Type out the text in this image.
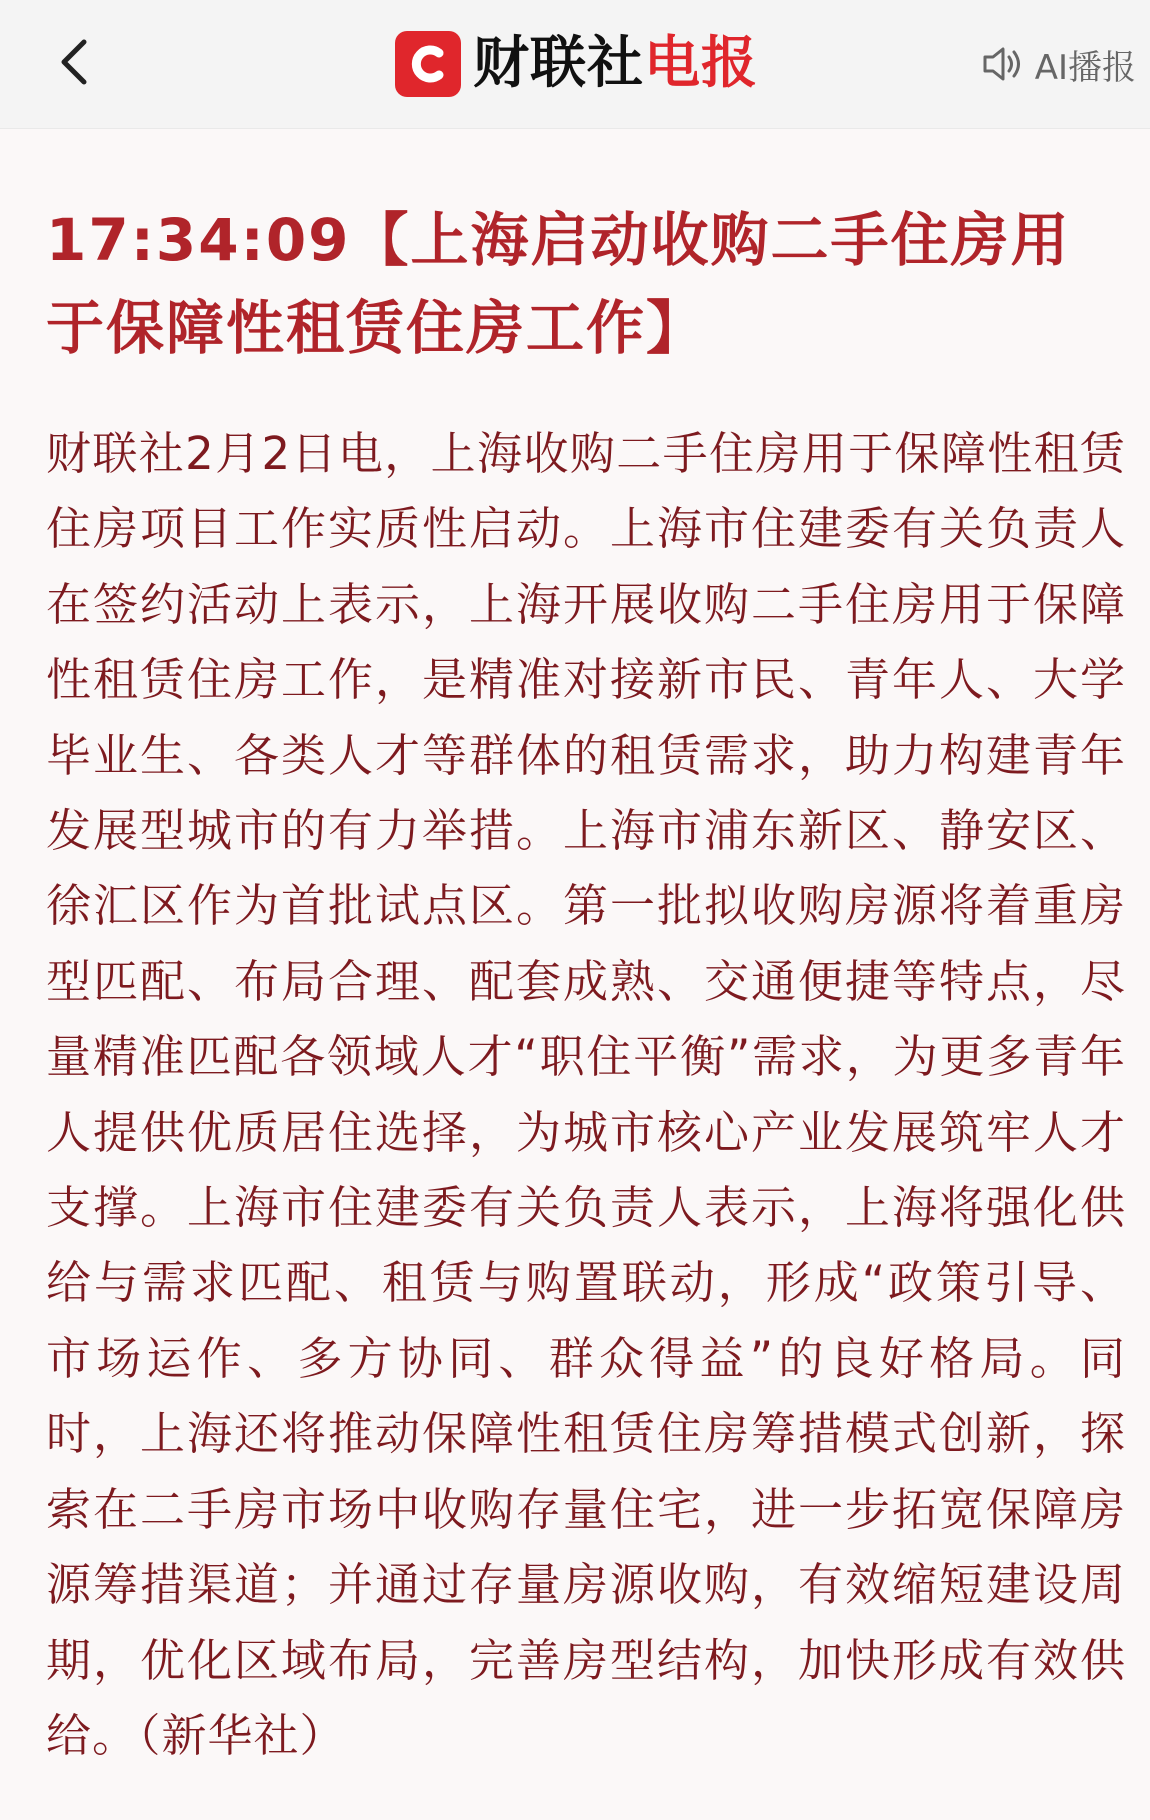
财联社电报	AI播报
17:34:09【上海启动收购二手住房用于保障性租赁住房工作】

财联社2月2日电，上海收购二手住房用于保障性租赁住房项目工作实质性启动。上海市住建委有关负责人在签约活动上表示，上海开展收购二手住房用于保障性租赁住房工作，是精准对接新市民、青年人、大学毕业生、各类人才等群体的租赁需求，助力构建青年发展型城市的有力举措。上海市浦东新区、静安区、徐汇区作为首批试点区。第一批拟收购房源将着重房型匹配、布局合理、配套成熟、交通便捷等特点，尽量精准匹配各领域人才“职住平衡”需求，为更多青年人提供优质居住选择，为城市核心产业发展筑牢人才支撑。上海市住建委有关负责人表示，上海将强化供给与需求匹配、租赁与购置联动，形成“政策引导、市场运作、多方协同、群众得益”的良好格局。同时，上海还将推动保障性租赁住房筹措模式创新，探索在二手房市场中收购存量住宅，进一步拓宽保障房源筹措渠道；并通过存量房源收购，有效缩短建设周期，优化区域布局，完善房型结构，加快形成有效供给。（新华社）
